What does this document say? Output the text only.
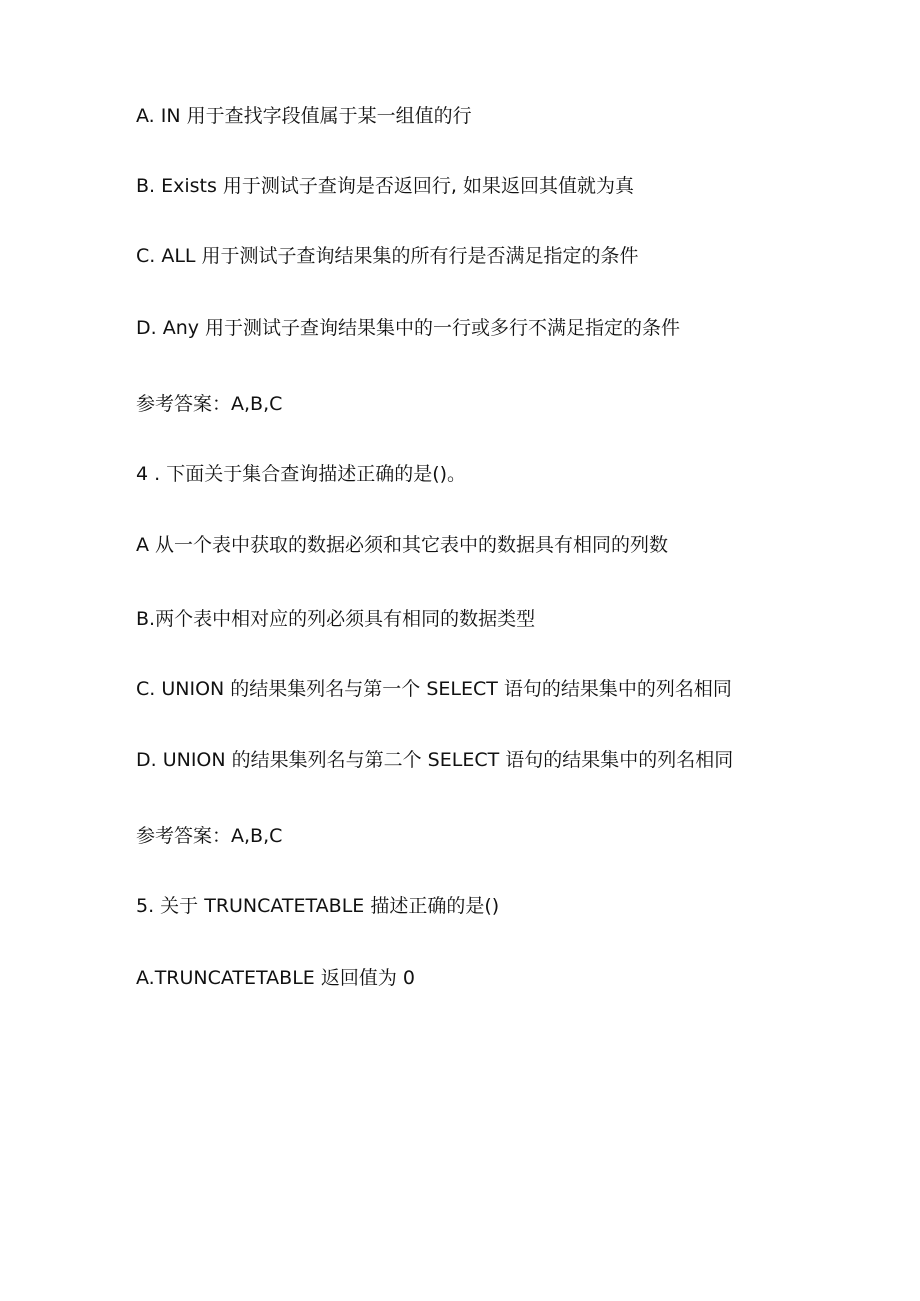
A. IN 用于查找字段值属于某一组值的行
B. Exists 用于测试子查询是否返回行, 如果返回其值就为真
C. ALL 用于测试子查询结果集的所有行是否满足指定的条件
D. Any 用于测试子查询结果集中的一行或多行不满足指定的条件
参考答案：A,B,C
4 . 下面关于集合查询描述正确的是()。
A 从一个表中获取的数据必须和其它表中的数据具有相同的列数
B.两个表中相对应的列必须具有相同的数据类型
C. UNION 的结果集列名与第一个 SELECT 语句的结果集中的列名相同
D. UNION 的结果集列名与第二个 SELECT 语句的结果集中的列名相同
参考答案：A,B,C
5. 关于 TRUNCATETABLE 描述正确的是()
A.TRUNCATETABLE 返回值为 0
